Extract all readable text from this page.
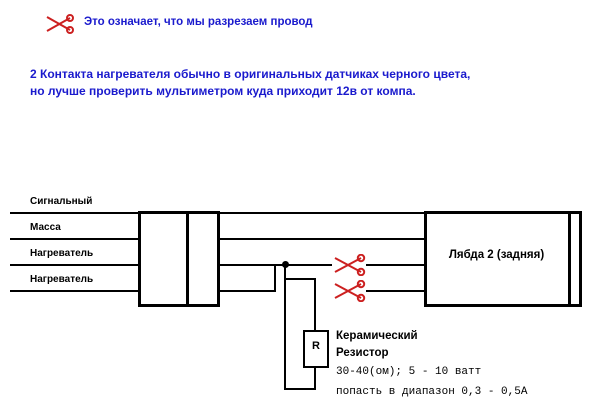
Это означает, что мы разрезаем провод
2 Контакта нагревателя обычно в оригинальных датчиках черного цвета,
но лучше проверить мультиметром куда приходит 12в от компа.
Сигнальный
Масса
Нагреватель
Нагреватель
R
Лябда 2 (задняя)
Керамический
Резистор
30-40(ом); 5 - 10 ватт
попасть в диапазон 0,3 - 0,5А
